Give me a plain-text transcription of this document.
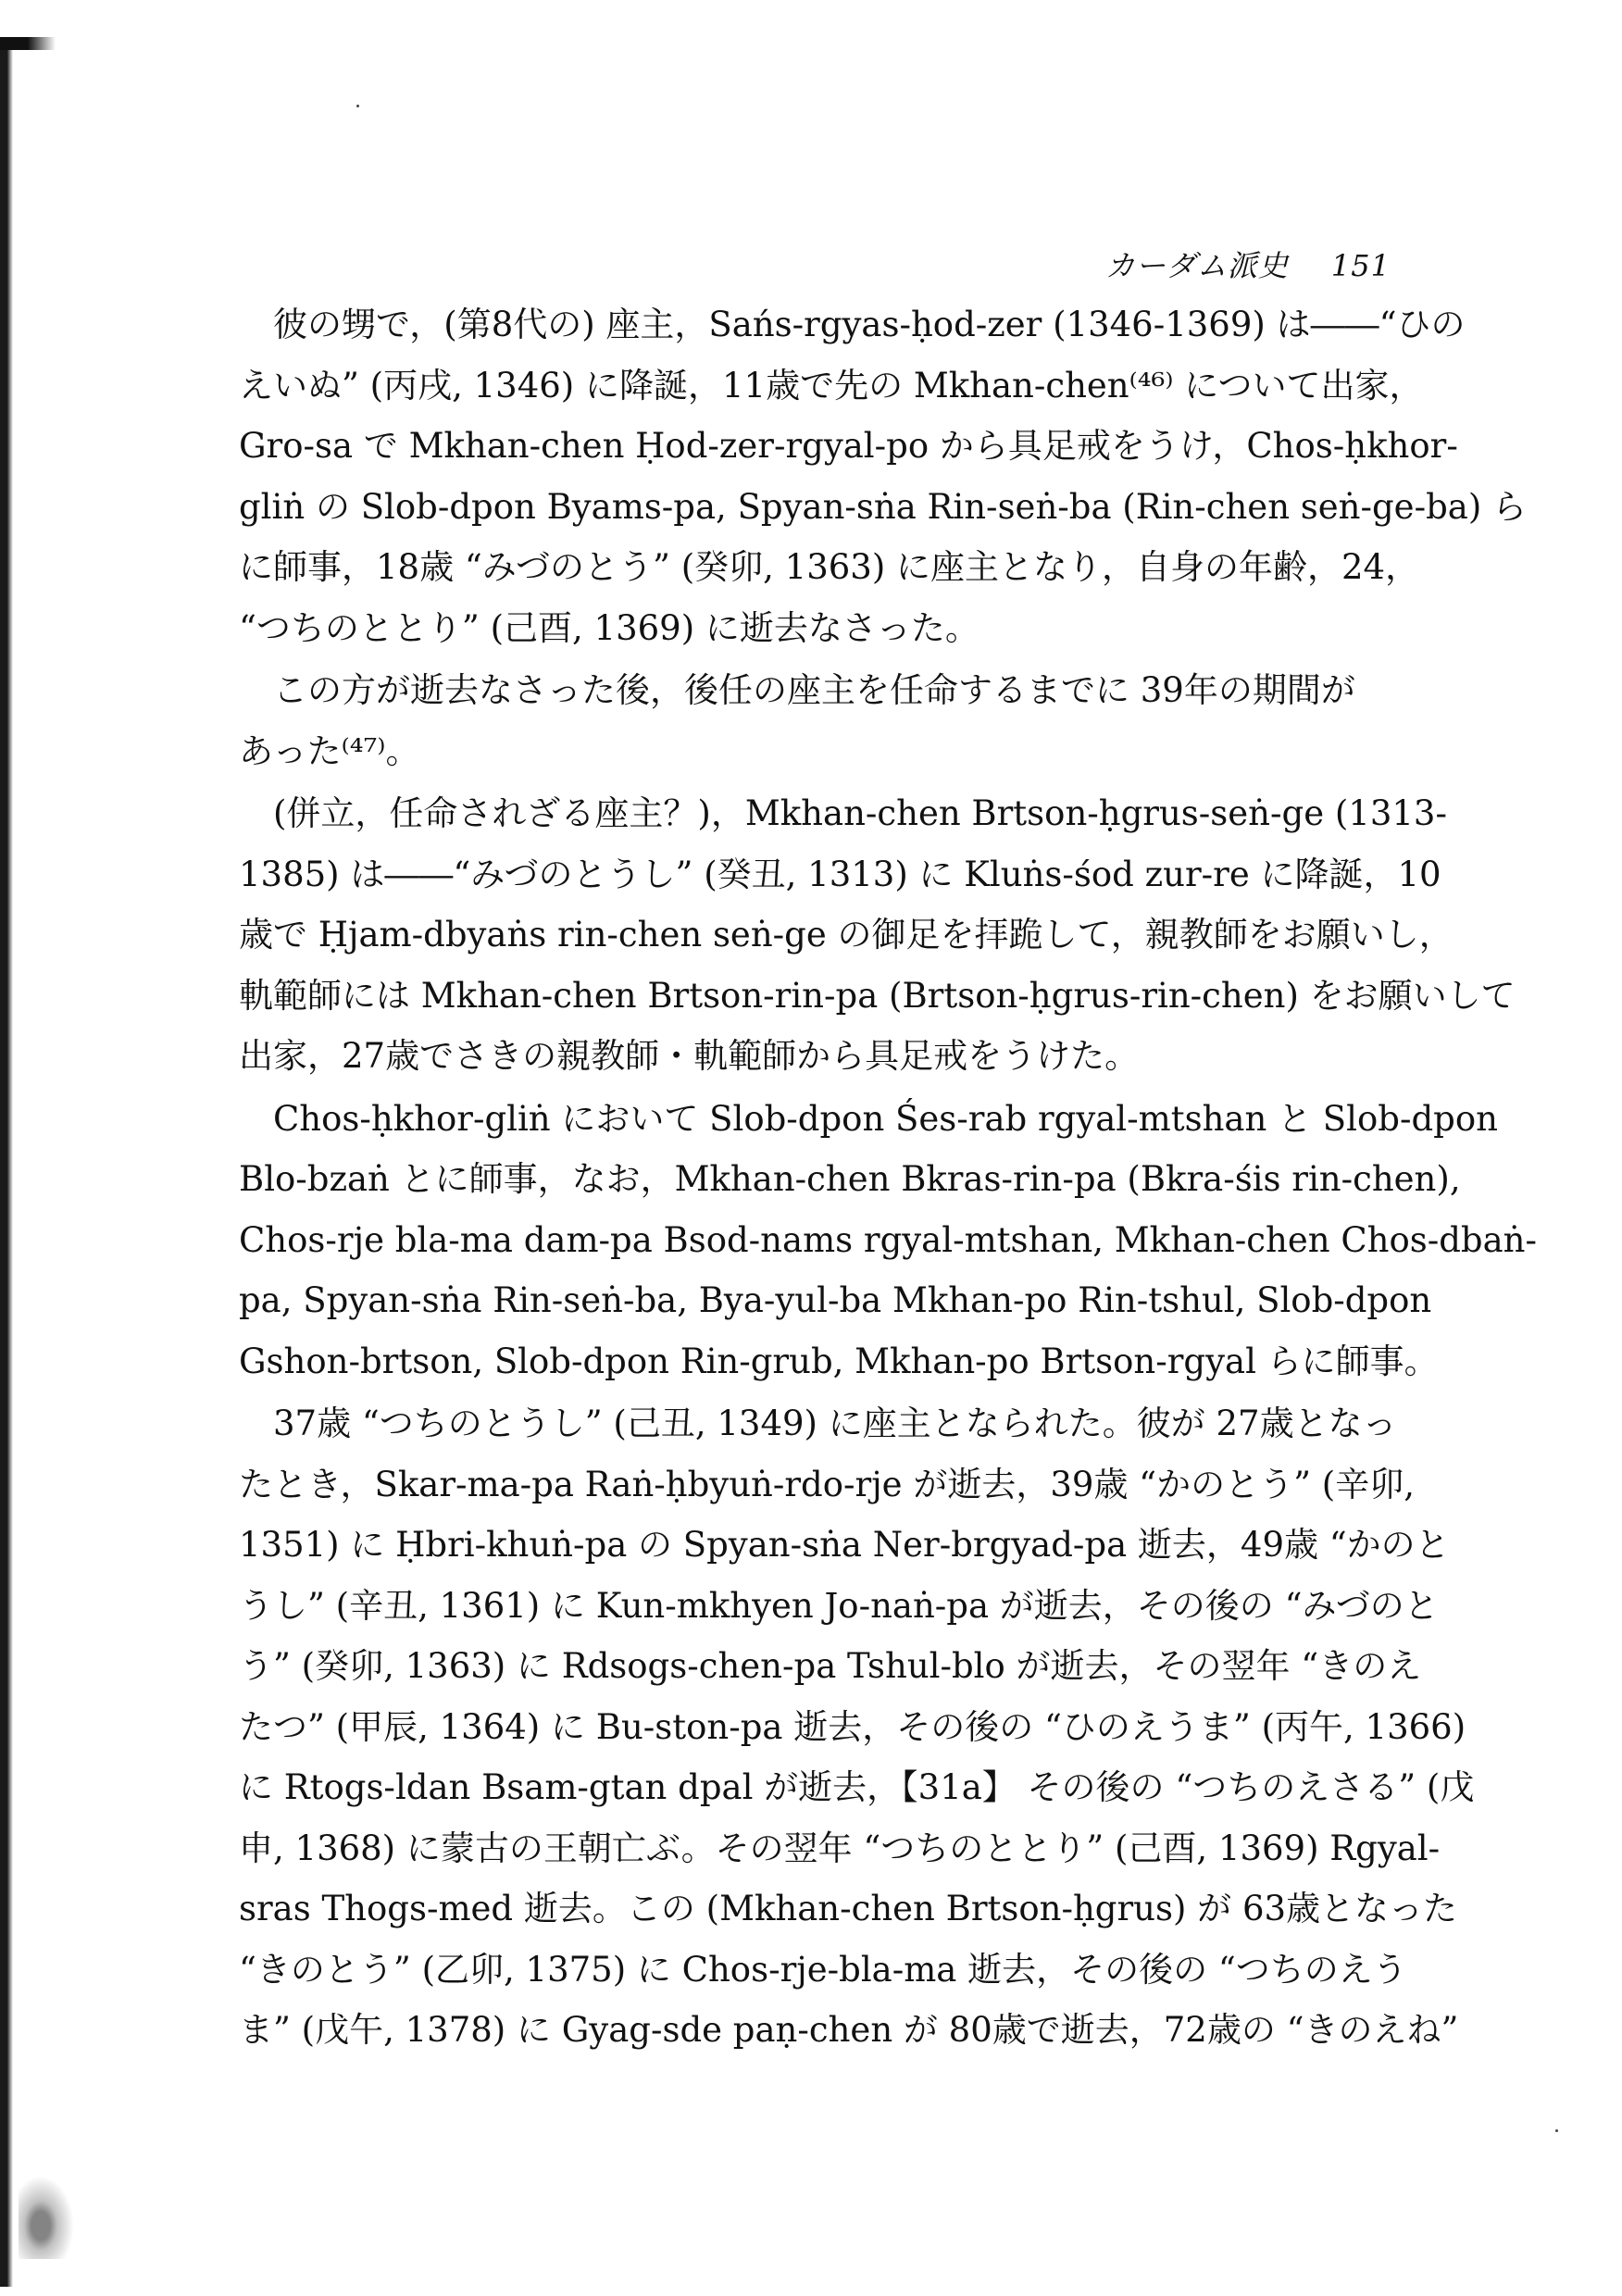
カーダム派史 151
彼の甥で，(第8代の) 座主，Sańs-rgyas-ḥod-zer (1346-1369) は――“ひの
えいぬ” (丙戌, 1346) に降誕，11歳で先の Mkhan-chen⁽⁴⁶⁾ について出家，
Gro-sa で Mkhan-chen Ḥod-zer-rgyal-po から具足戒をうけ，Chos-ḥkhor-
gliṅ の Slob-dpon Byams-pa, Spyan-sṅa Rin-seṅ-ba (Rin-chen seṅ-ge-ba) ら
に師事，18歳 “みづのとう” (癸卯, 1363) に座主となり，自身の年齢，24，
“つちのととり” (己酉, 1369) に逝去なさった。
この方が逝去なさった後，後任の座主を任命するまでに 39年の期間が
あった⁽⁴⁷⁾。
(併立，任命されざる座主？)，Mkhan-chen Brtson-ḥgrus-seṅ-ge (1313-
1385) は――“みづのとうし” (癸丑, 1313) に Kluṅs-śod zur-re に降誕，10
歳で Ḥjam-dbyaṅs rin-chen seṅ-ge の御足を拝跪して，親教師をお願いし，
軌範師には Mkhan-chen Brtson-rin-pa (Brtson-ḥgrus-rin-chen) をお願いして
出家，27歳でさきの親教師・軌範師から具足戒をうけた。
Chos-ḥkhor-gliṅ において Slob-dpon Śes-rab rgyal-mtshan と Slob-dpon
Blo-bzaṅ とに師事，なお，Mkhan-chen Bkras-rin-pa (Bkra-śis rin-chen),
Chos-rje bla-ma dam-pa Bsod-nams rgyal-mtshan, Mkhan-chen Chos-dbaṅ-
pa, Spyan-sṅa Rin-seṅ-ba, Bya-yul-ba Mkhan-po Rin-tshul, Slob-dpon
Gshon-brtson, Slob-dpon Rin-grub, Mkhan-po Brtson-rgyal らに師事。
37歳 “つちのとうし” (己丑, 1349) に座主となられた。彼が 27歳となっ
たとき，Skar-ma-pa Raṅ-ḥbyuṅ-rdo-rje が逝去，39歳 “かのとう” (辛卯,
1351) に Ḥbri-khuṅ-pa の Spyan-sṅa Ner-brgyad-pa 逝去，49歳 “かのと
うし” (辛丑, 1361) に Kun-mkhyen Jo-naṅ-pa が逝去，その後の “みづのと
う” (癸卯, 1363) に Rdsogs-chen-pa Tshul-blo が逝去，その翌年 “きのえ
たつ” (甲辰, 1364) に Bu-ston-pa 逝去，その後の “ひのえうま” (丙午, 1366)
に Rtogs-ldan Bsam-gtan dpal が逝去，【31a】 その後の “つちのえさる” (戊
申, 1368) に蒙古の王朝亡ぶ。その翌年 “つちのととり” (己酉, 1369) Rgyal-
sras Thogs-med 逝去。この (Mkhan-chen Brtson-ḥgrus) が 63歳となった
“きのとう” (乙卯, 1375) に Chos-rje-bla-ma 逝去，その後の “つちのえう
ま” (戊午, 1378) に Gyag-sde paṇ-chen が 80歳で逝去，72歳の “きのえね”
